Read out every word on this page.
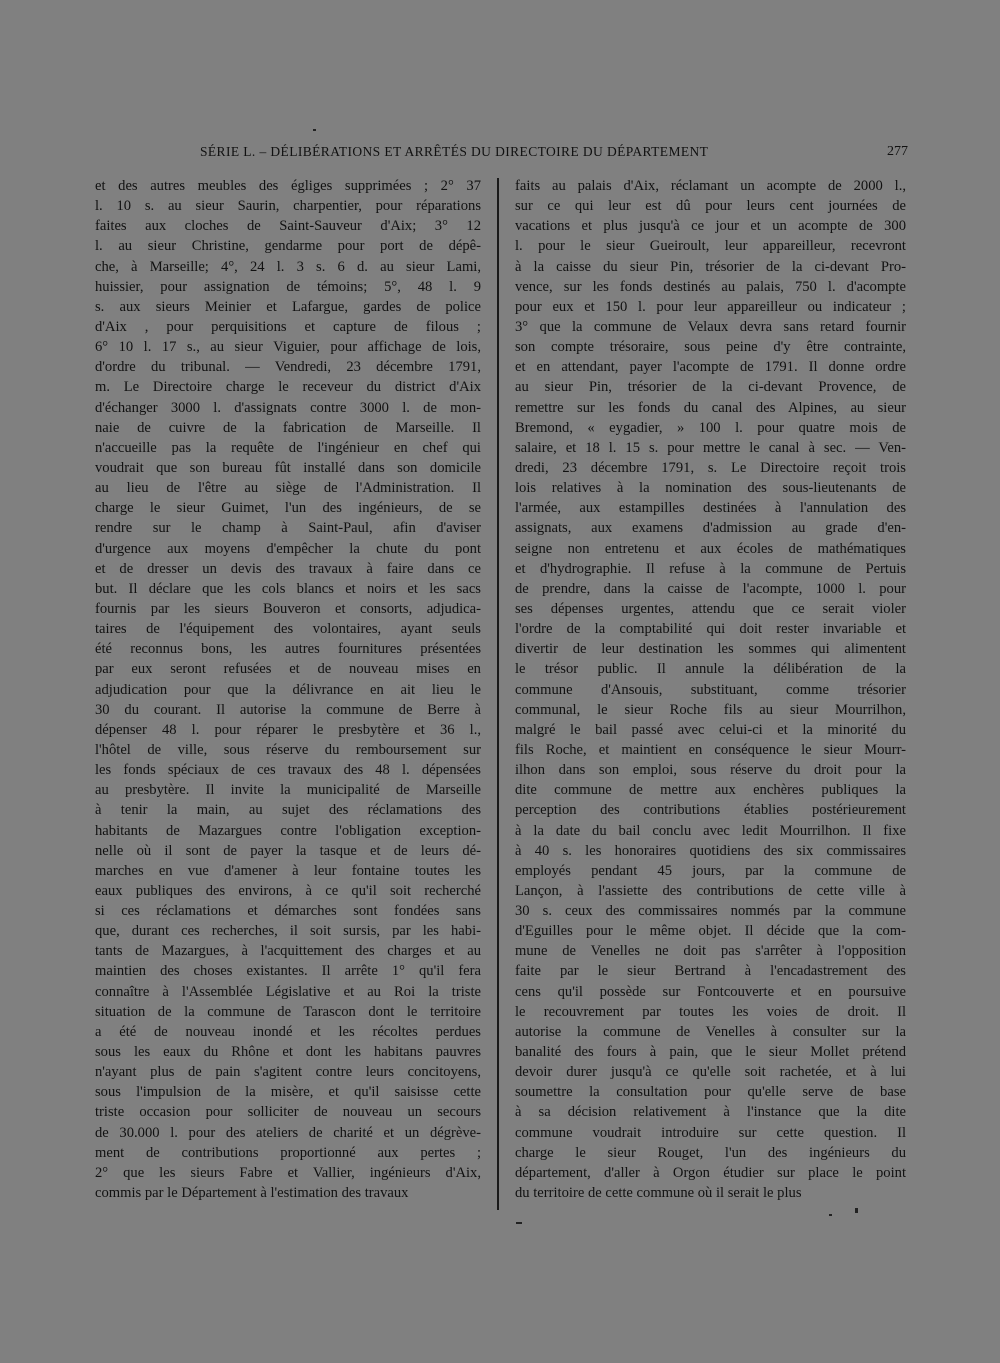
SÉRIE L. – DÉLIBÉRATIONS ET ARRÊTÉS DU DIRECTOIRE DU DÉPARTEMENT	277
et des autres meubles des égliges supprimées ; 2° 37
l. 10 s. au sieur Saurin, charpentier, pour réparations
faites aux cloches de Saint-Sauveur d'Aix; 3° 12
l. au sieur Christine, gendarme pour port de dépê-
che, à Marseille; 4°, 24 l. 3 s. 6 d. au sieur Lami,
huissier, pour assignation de témoins; 5°, 48 l. 9
s. aux sieurs Meinier et Lafargue, gardes de police
d'Aix , pour perquisitions et capture de filous ;
6° 10 l. 17 s., au sieur Viguier, pour affichage de lois,
d'ordre du tribunal. — Vendredi, 23 décembre 1791,
m. Le Directoire charge le receveur du district d'Aix
d'échanger 3000 l. d'assignats contre 3000 l. de mon-
naie de cuivre de la fabrication de Marseille. Il
n'accueille pas la requête de l'ingénieur en chef qui
voudrait que son bureau fût installé dans son domicile
au lieu de l'être au siège de l'Administration. Il
charge le sieur Guimet, l'un des ingénieurs, de se
rendre sur le champ à Saint-Paul, afin d'aviser
d'urgence aux moyens d'empêcher la chute du pont
et de dresser un devis des travaux à faire dans ce
but. Il déclare que les cols blancs et noirs et les sacs
fournis par les sieurs Bouveron et consorts, adjudica-
taires de l'équipement des volontaires, ayant seuls
été reconnus bons, les autres fournitures présentées
par eux seront refusées et de nouveau mises en
adjudication pour que la délivrance en ait lieu le
30 du courant. Il autorise la commune de Berre à
dépenser 48 l. pour réparer le presbytère et 36 l.,
l'hôtel de ville, sous réserve du remboursement sur
les fonds spéciaux de ces travaux des 48 l. dépensées
au presbytère. Il invite la municipalité de Marseille
à tenir la main, au sujet des réclamations des
habitants de Mazargues contre l'obligation exception-
nelle où il sont de payer la tasque et de leurs dé-
marches en vue d'amener à leur fontaine toutes les
eaux publiques des environs, à ce qu'il soit recherché
si ces réclamations et démarches sont fondées sans
que, durant ces recherches, il soit sursis, par les habi-
tants de Mazargues, à l'acquittement des charges et au
maintien des choses existantes. Il arrête 1° qu'il fera
connaître à l'Assemblée Législative et au Roi la triste
situation de la commune de Tarascon dont le territoire
a été de nouveau inondé et les récoltes perdues
sous les eaux du Rhône et dont les habitans pauvres
n'ayant plus de pain s'agitent contre leurs concitoyens,
sous l'impulsion de la misère, et qu'il saisisse cette
triste occasion pour solliciter de nouveau un secours
de 30.000 l. pour des ateliers de charité et un dégrève-
ment de contributions proportionné aux pertes ;
2° que les sieurs Fabre et Vallier, ingénieurs d'Aix,
commis par le Département à l'estimation des travaux
faits au palais d'Aix, réclamant un acompte de 2000 l.,
sur ce qui leur est dû pour leurs cent journées de
vacations et plus jusqu'à ce jour et un acompte de 300
l. pour le sieur Gueiroult, leur appareilleur, recevront
à la caisse du sieur Pin, trésorier de la ci-devant Pro-
vence, sur les fonds destinés au palais, 750 l. d'acompte
pour eux et 150 l. pour leur appareilleur ou indicateur ;
3° que la commune de Velaux devra sans retard fournir
son compte trésoraire, sous peine d'y être contrainte,
et en attendant, payer l'acompte de 1791. Il donne ordre
au sieur Pin, trésorier de la ci-devant Provence, de
remettre sur les fonds du canal des Alpines, au sieur
Bremond, « eygadier, » 100 l. pour quatre mois de
salaire, et 18 l. 15 s. pour mettre le canal à sec. — Ven-
dredi, 23 décembre 1791, s. Le Directoire reçoit trois
lois relatives à la nomination des sous-lieutenants de
l'armée, aux estampilles destinées à l'annulation des
assignats, aux examens d'admission au grade d'en-
seigne non entretenu et aux écoles de mathématiques
et d'hydrographie. Il refuse à la commune de Pertuis
de prendre, dans la caisse de l'acompte, 1000 l. pour
ses dépenses urgentes, attendu que ce serait violer
l'ordre de la comptabilité qui doit rester invariable et
divertir de leur destination les sommes qui alimentent
le trésor public. Il annule la délibération de la
commune d'Ansouis, substituant, comme trésorier
communal, le sieur Roche fils au sieur Mourrilhon,
malgré le bail passé avec celui-ci et la minorité du
fils Roche, et maintient en conséquence le sieur Mourr-
ilhon dans son emploi, sous réserve du droit pour la
dite commune de mettre aux enchères publiques la
perception des contributions établies postérieurement
à la date du bail conclu avec ledit Mourrilhon. Il fixe
à 40 s. les honoraires quotidiens des six commissaires
employés pendant 45 jours, par la commune de
Lançon, à l'assiette des contributions de cette ville à
30 s. ceux des commissaires nommés par la commune
d'Eguilles pour le même objet. Il décide que la com-
mune de Venelles ne doit pas s'arrêter à l'opposition
faite par le sieur Bertrand à l'encadastrement des
cens qu'il possède sur Fontcouverte et en poursuive
le recouvrement par toutes les voies de droit. Il
autorise la commune de Venelles à consulter sur la
banalité des fours à pain, que le sieur Mollet prétend
devoir durer jusqu'à ce qu'elle soit rachetée, et à lui
soumettre la consultation pour qu'elle serve de base
à sa décision relativement à l'instance que la dite
commune voudrait introduire sur cette question. Il
charge le sieur Rouget, l'un des ingénieurs du
département, d'aller à Orgon étudier sur place le point
du territoire de cette commune où il serait le plus
